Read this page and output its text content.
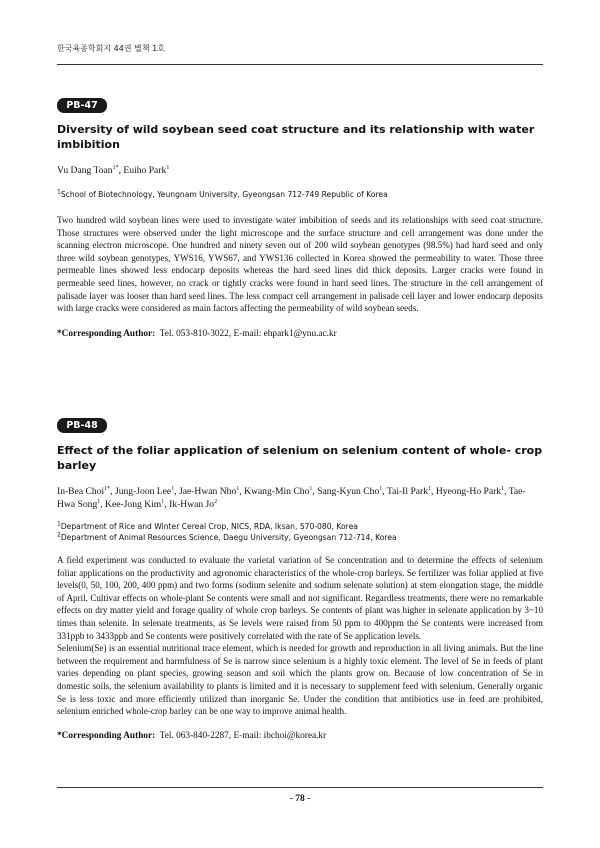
한국육종학회지 44권 별책 1호
PB-47

Diversity of wild soybean seed coat structure and its relationship with water imbibition

Vu Dang Toan$^{1*}$, Euiho Park$^1$

$^1$School of Biotechnology, Yeungnam University, Gyeongsan 712-749 Republic of Korea

Two hundred wild soybean lines were used to investigate water imbibition of seeds and its relationships with seed coat structure. Those structures were observed under the light microscope and the surface structure and cell arrangement was done under the scanning electron microscope. One hundred and ninety seven out of 200 wild soybean genotypes (98.5%) had hard seed and only three wild soybean genotypes, YWS16, YWS67, and YWS136 collected in Korea showed the permeability to water. Those three permeable lines showed less endocarp deposits whereas the hard seed lines did thick deposits. Larger cracks were found in permeable seed lines, however, no crack or tightly cracks were found in hard seed lines. The structure in the cell arrangement of palisade layer was looser than hard seed lines. The less compact cell arrangement in palisade cell layer and lower endocarp deposits with large cracks were considered as main factors affecting the permeability of wild soybean seeds.

*Corresponding Author: Tel. 053-810-3022, E-mail: ehpark1@ynu.ac.kr

PB-48

Effect of the foliar application of selenium on selenium content of whole- crop barley

In-Bea Choi$^{1*}$, Jung-Joon Lee$^1$, Jae-Hwan Nho$^1$, Kwang-Min Cho$^1$, Sang-Kyun Cho$^1$, Tai-Il Park$^1$, Hyeong-Ho Park$^1$, Tae-Hwa Song$^1$, Kee-Jong Kim$^1$, Ik-Hwan Jo$^2$

$^1$Department of Rice and Winter Cereal Crop, NICS, RDA, Iksan, 570-080, Korea

$^2$Department of Animal Resources Science, Daegu University, Gyeongsan 712-714, Korea

A field experiment was conducted to evaluate the varietal variation of Se concentration and to determine the effects of selenium foliar applications on the productivity and agronomic characteristics of the whole-crop barleys. Se fertilizer was foliar applied at five levels(0, 50, 100, 200, 400 ppm) and two forms (sodium selenite and sodium selenate solution) at stem elongation stage, the middle of April. Cultivar effects on whole-plant Se contents were small and not significant. Regardless treatments, there were no remarkable effects on dry matter yield and forage quality of whole crop barleys. Se contents of plant was higher in selenate application by 3~10 times than selenite. In selenate treatments, as Se levels were raised from 50 ppm to 400ppm the Se contents were increased from 331ppb to 3433ppb and Se contents were positively correlated with the rate of Se application levels.

Selenium(Se) is an essential nutritional trace element, which is needed for growth and reproduction in all living animals. But the line between the requirement and harmfulness of Se is narrow since selenium is a highly toxic element. The level of Se in feeds of plant varies depending on plant species, growing season and soil which the plants grow on. Because of low concentration of Se in domestic soils, the selenium availability to plants is limited and it is necessary to supplement feed with selenium. Generally organic Se is less toxic and more efficiently utilized than inorganic Se. Under the condition that antibiotics use in feed are prohibited, selenium enriched whole-crop barley can be one way to improve animal health.

*Corresponding Author: Tel. 063-840-2287, E-mail: ibchoi@korea.kr

- 78 -
